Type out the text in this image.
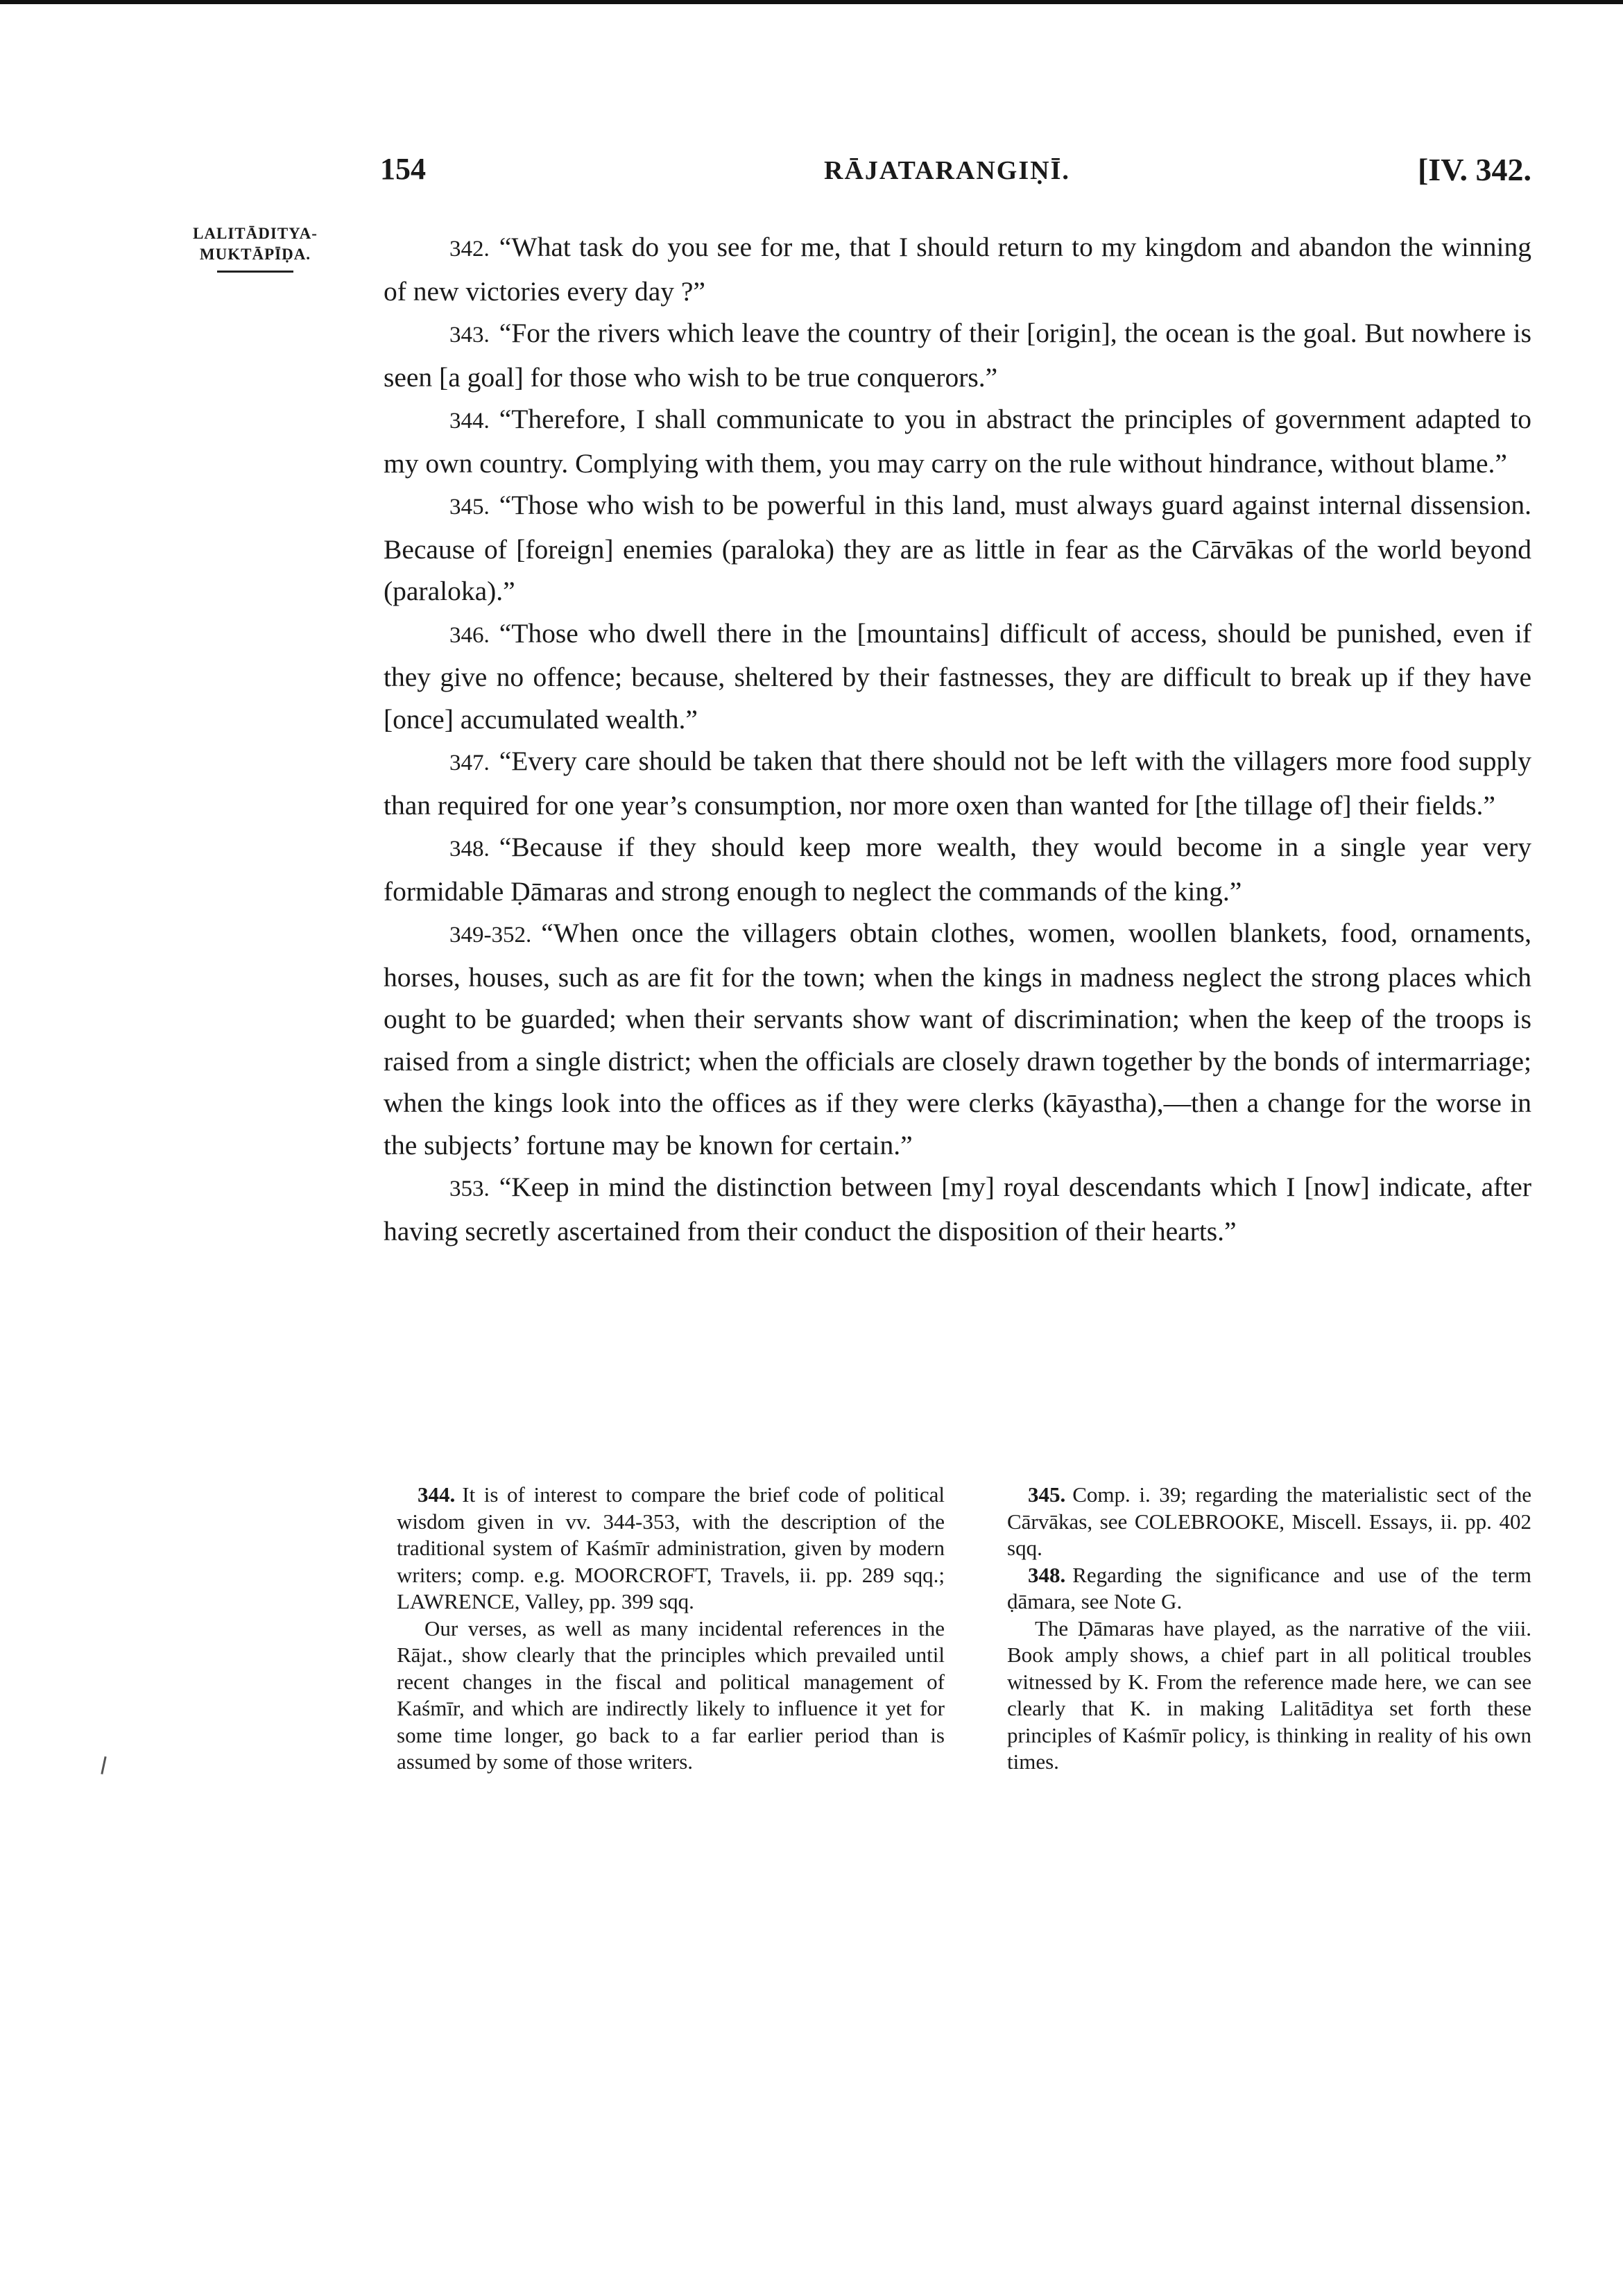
154	RĀJATARANGIṆĪ.	[IV. 342.
LALITĀDITYA-
MUKTĀPĪḌA.	342. “What task do you see for me, that I should return to my kingdom and abandon the winning of new victories every day ?”

343. “For the rivers which leave the country of their [origin], the ocean is the goal. But nowhere is seen [a goal] for those who wish to be true conquerors.”

344. “Therefore, I shall communicate to you in abstract the principles of government adapted to my own country. Complying with them, you may carry on the rule without hindrance, without blame.”

345. “Those who wish to be powerful in this land, must always guard against internal dissension. Because of [foreign] enemies (paraloka) they are as little in fear as the Cārvākas of the world beyond (paraloka).”

346. “Those who dwell there in the [mountains] difficult of access, should be punished, even if they give no offence; because, sheltered by their fastnesses, they are difficult to break up if they have [once] accumulated wealth.”

347. “Every care should be taken that there should not be left with the villagers more food supply than required for one year’s consumption, nor more oxen than wanted for [the tillage of] their fields.”

348. “Because if they should keep more wealth, they would become in a single year very formidable Ḍāmaras and strong enough to neglect the commands of the king.”

349-352. “When once the villagers obtain clothes, women, woollen blankets, food, ornaments, horses, houses, such as are fit for the town; when the kings in madness neglect the strong places which ought to be guarded; when their servants show want of discrimination; when the keep of the troops is raised from a single district; when the officials are closely drawn together by the bonds of intermarriage; when the kings look into the offices as if they were clerks (kāyastha),—then a change for the worse in the subjects’ fortune may be known for certain.”

353. “Keep in mind the distinction between [my] royal descendants which I [now] indicate, after having secretly ascertained from their conduct the disposition of their hearts.”

344. It is of interest to compare the brief code of political wisdom given in vv. 344-353, with the description of the traditional system of Kaśmīr administration, given by modern writers; comp. e.g. MOORCROFT, Travels, ii. pp. 289 sqq.; LAWRENCE, Valley, pp. 399 sqq.

Our verses, as well as many incidental references in the Rājat., show clearly that the principles which prevailed until recent changes in the fiscal and political management of Kaśmīr, and which are indirectly likely to influence it yet for some time longer, go back to a far earlier period than is assumed by some of those writers.

345. Comp. i. 39; regarding the materialistic sect of the Cārvākas, see COLEBROOKE, Miscell. Essays, ii. pp. 402 sqq.

348. Regarding the significance and use of the term ḍāmara, see Note G.

The Ḍāmaras have played, as the narrative of the viii. Book amply shows, a chief part in all political troubles witnessed by K. From the reference made here, we can see clearly that K. in making Lalitāditya set forth these principles of Kaśmīr policy, is thinking in reality of his own times.
